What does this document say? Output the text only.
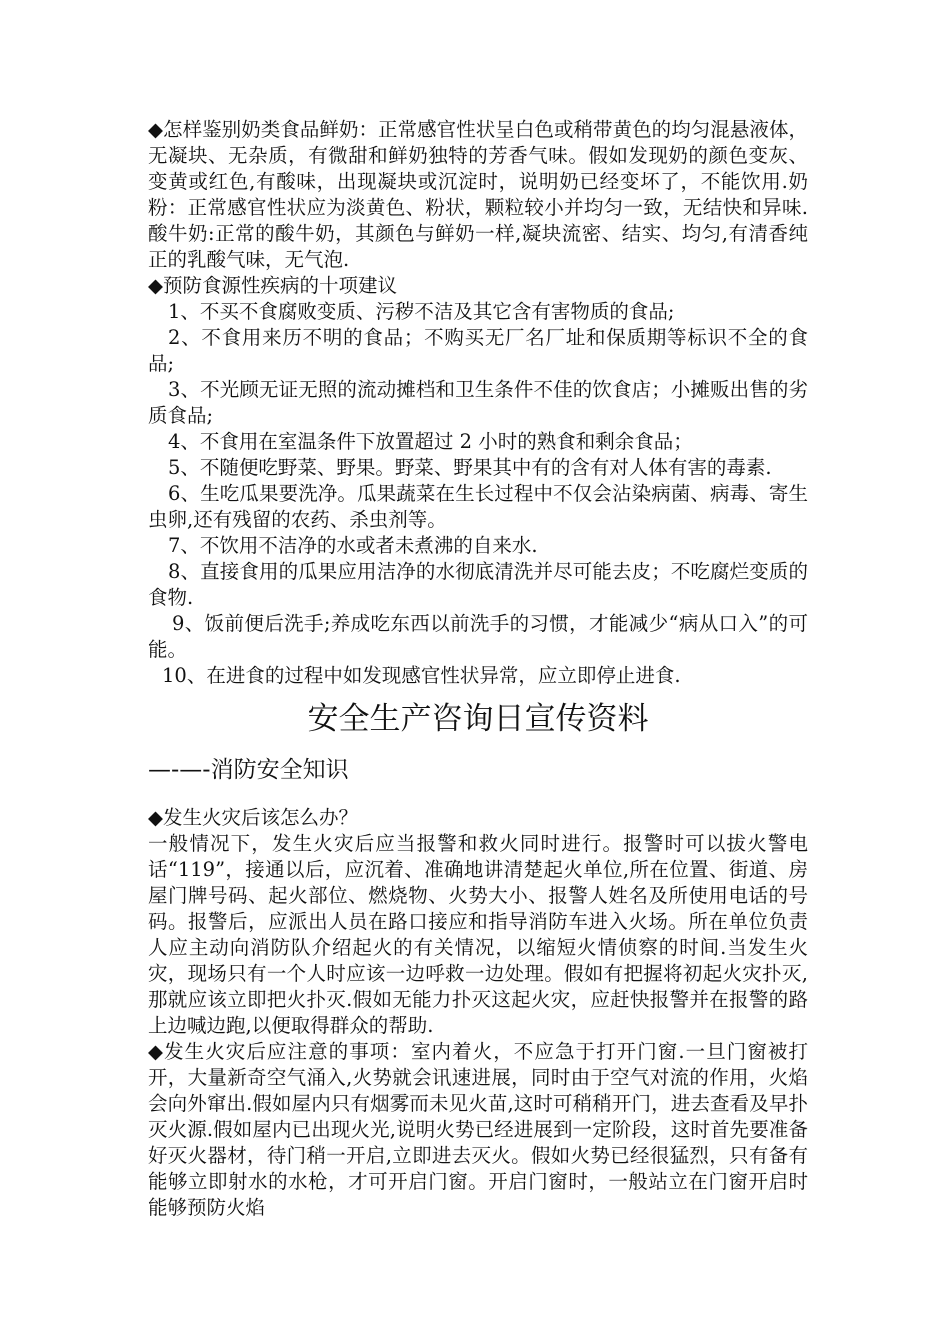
◆怎样鉴别奶类食品鲜奶：正常感官性状呈白色或稍带黄色的均匀混悬液体，无凝块、无杂质，有微甜和鲜奶独特的芳香气味。假如发现奶的颜色变灰、变黄或红色,有酸味，出现凝块或沉淀时，说明奶已经变坏了，不能饮用.奶粉：正常感官性状应为淡黄色、粉状，颗粒较小并均匀一致，无结快和异味.酸牛奶:正常的酸牛奶，其颜色与鲜奶一样,凝块流密、结实、均匀,有清香纯正的乳酸气味，无气泡.

◆预防食源性疾病的十项建议

1、不买不食腐败变质、污秽不洁及其它含有害物质的食品;

2、不食用来历不明的食品；不购买无厂名厂址和保质期等标识不全的食品;

3、不光顾无证无照的流动摊档和卫生条件不佳的饮食店；小摊贩出售的劣质食品;

4、不食用在室温条件下放置超过 2 小时的熟食和剩余食品；

5、不随便吃野菜、野果。野菜、野果其中有的含有对人体有害的毒素.

6、生吃瓜果要洗净。瓜果蔬菜在生长过程中不仅会沾染病菌、病毒、寄生虫卵,还有残留的农药、杀虫剂等。

7、不饮用不洁净的水或者未煮沸的自来水.

8、直接食用的瓜果应用洁净的水彻底清洗并尽可能去皮；不吃腐烂变质的食物.

9、饭前便后洗手;养成吃东西以前洗手的习惯，才能减少“病从口入”的可能。

10、在进食的过程中如发现感官性状异常，应立即停止进食.

安全生产咨询日宣传资料
—-—-消防安全知识

◆发生火灾后该怎么办？

一般情况下，发生火灾后应当报警和救火同时进行。报警时可以拔火警电话“119”，接通以后，应沉着、准确地讲清楚起火单位,所在位置、街道、房屋门牌号码、起火部位、燃烧物、火势大小、报警人姓名及所使用电话的号码。报警后，应派出人员在路口接应和指导消防车进入火场。所在单位负责人应主动向消防队介绍起火的有关情况，以缩短火情侦察的时间.当发生火灾，现场只有一个人时应该一边呼救一边处理。假如有把握将初起火灾扑灭,那就应该立即把火扑灭.假如无能力扑灭这起火灾，应赶快报警并在报警的路上边喊边跑,以便取得群众的帮助.

◆发生火灾后应注意的事项：室内着火，不应急于打开门窗.一旦门窗被打开，大量新奇空气涌入,火势就会讯速进展，同时由于空气对流的作用，火焰会向外窜出.假如屋内只有烟雾而未见火苗,这时可稍稍开门，进去查看及早扑灭火源.假如屋内已出现火光,说明火势已经进展到一定阶段，这时首先要准备好灭火器材，待门稍一开启,立即进去灭火。假如火势已经很猛烈，只有备有能够立即射水的水枪，才可开启门窗。开启门窗时，一般站立在门窗开启时能够预防火焰
